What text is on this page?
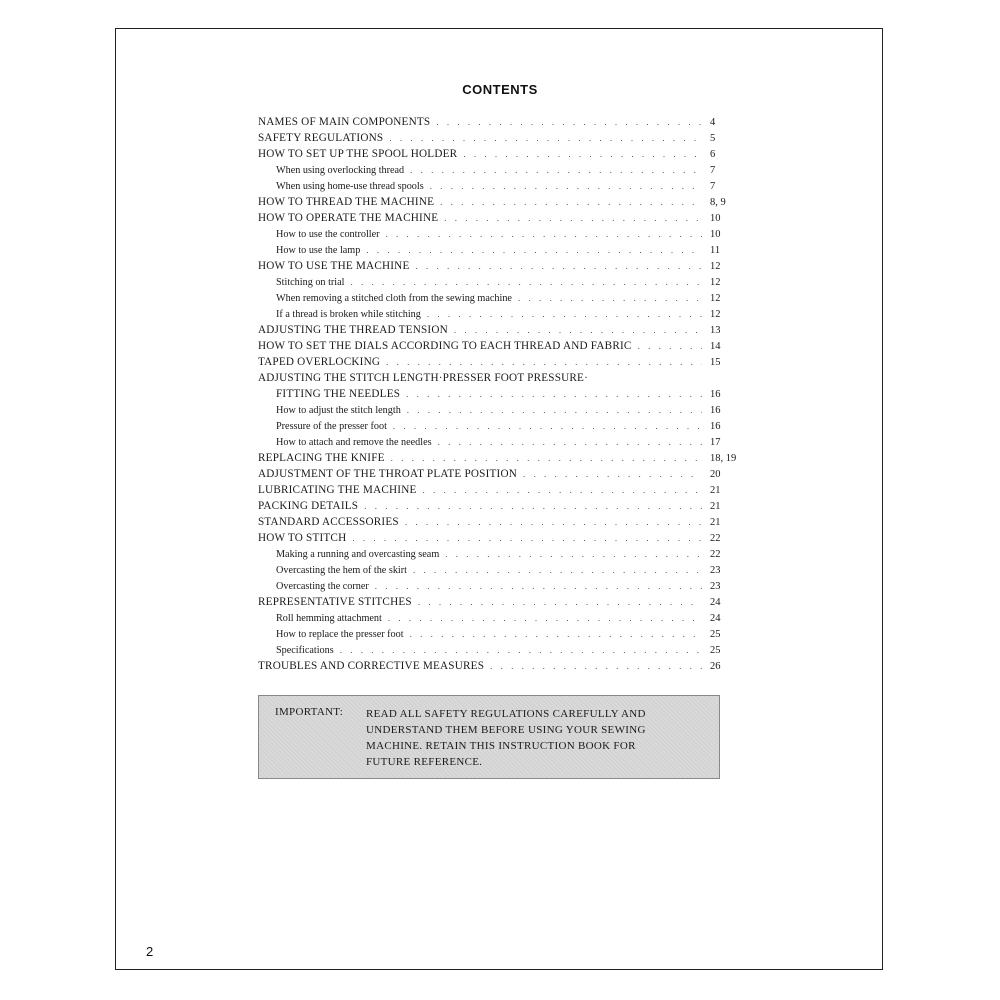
CONTENTS
NAMES OF MAIN COMPONENTS . . .	4
SAFETY REGULATIONS . . .	5
HOW TO SET UP THE SPOOL HOLDER . . .	6
When using overlocking thread . . .	7
When using home-use thread spools . . .	7
HOW TO THREAD THE MACHINE . . .	8, 9
HOW TO OPERATE THE MACHINE . . .	10
How to use the controller . . .	10
How to use the lamp . . .	11
HOW TO USE THE MACHINE . . .	12
Stitching on trial . . .	12
When removing a stitched cloth from the sewing machine . . .	12
If a thread is broken while stitching . . .	12
ADJUSTING THE THREAD TENSION . . .	13
HOW TO SET THE DIALS ACCORDING TO EACH THREAD AND FABRIC . . .	14
TAPED OVERLOCKING . . .	15
ADJUSTING THE STITCH LENGTH·PRESSER FOOT PRESSURE·
FITTING THE NEEDLES . . .	16
How to adjust the stitch length . . .	16
Pressure of the presser foot . . .	16
How to attach and remove the needles . . .	17
REPLACING THE KNIFE . . .	18, 19
ADJUSTMENT OF THE THROAT PLATE POSITION . . .	20
LUBRICATING THE MACHINE . . .	21
PACKING DETAILS . . .	21
STANDARD ACCESSORIES . . .	21
HOW TO STITCH . . .	22
Making a running and overcasting seam . . .	22
Overcasting the hem of the skirt . . .	23
Overcasting the corner . . .	23
REPRESENTATIVE STITCHES . . .	24
Roll hemming attachment . . .	24
How to replace the presser foot . . .	25
Specifications . . .	25
TROUBLES AND CORRECTIVE MEASURES . . .	26
IMPORTANT: READ ALL SAFETY REGULATIONS CAREFULLY AND
UNDERSTAND THEM BEFORE USING YOUR SEWING
MACHINE. RETAIN THIS INSTRUCTION BOOK FOR
FUTURE REFERENCE.
2
